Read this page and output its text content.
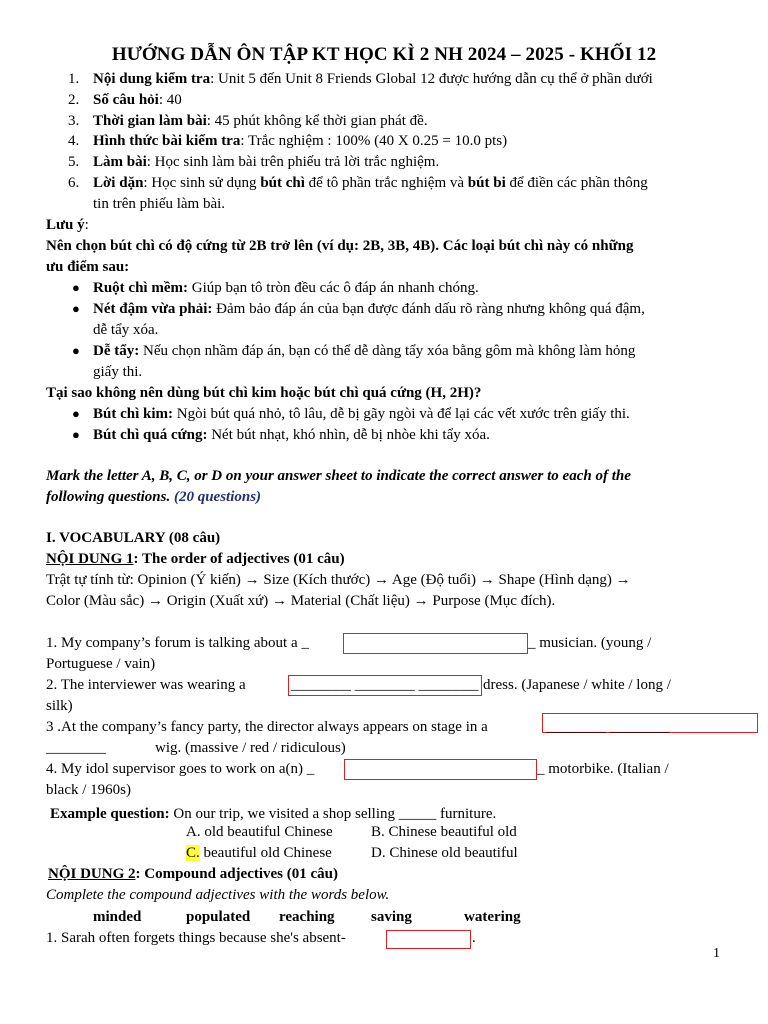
HƯỚNG DẪN ÔN TẬP KT HỌC KÌ 2 NH 2024 – 2025 - KHỐI 12
1. Nội dung kiểm tra: Unit 5 đến Unit 8 Friends Global 12 được hướng dẫn cụ thể ở phần dưới
2. Số câu hỏi: 40
3. Thời gian làm bài: 45 phút không kể thời gian phát đề.
4. Hình thức bài kiểm tra: Trắc nghiệm : 100% (40 X 0.25 = 10.0 pts)
5. Làm bài: Học sinh làm bài trên phiếu trả lời trắc nghiệm.
6. Lời dặn: Học sinh sử dụng bút chì để tô phần trắc nghiệm và bút bi để điền các phần thông
tin trên phiếu làm bài.
Lưu ý:
Nên chọn bút chì có độ cứng từ 2B trở lên (ví dụ: 2B, 3B, 4B). Các loại bút chì này có những
ưu điểm sau:
● Ruột chì mềm: Giúp bạn tô tròn đều các ô đáp án nhanh chóng.
● Nét đậm vừa phải: Đảm bảo đáp án của bạn được đánh dấu rõ ràng nhưng không quá đậm,
dễ tẩy xóa.
● Dễ tẩy: Nếu chọn nhầm đáp án, bạn có thể dễ dàng tẩy xóa bằng gôm mà không làm hỏng
giấy thi.
Tại sao không nên dùng bút chì kim hoặc bút chì quá cứng (H, 2H)?
● Bút chì kim: Ngòi bút quá nhỏ, tô lâu, dễ bị gãy ngòi và để lại các vết xước trên giấy thi.
● Bút chì quá cứng: Nét bút nhạt, khó nhìn, dễ bị nhòe khi tẩy xóa.
Mark the letter A, B, C, or D on your answer sheet to indicate the correct answer to each of the
following questions. (20 questions)
I. VOCABULARY (08 câu)
NỘI DUNG 1: The order of adjectives (01 câu)
Trật tự tính từ: Opinion (Ý kiến) → Size (Kích thước) → Age (Độ tuổi) → Shape (Hình dạng) →
Color (Màu sắc) → Origin (Xuất xứ) → Material (Chất liệu) → Purpose (Mục đích).
1. My company’s forum is talking about a _	_ musician. (young /
Portuguese / vain)
2. The interviewer was wearing a	________ ________ ________ dress. (Japanese / white / long /
silk)
3 .At the company’s fancy party, the director always appears on stage in a	________ ________
________	wig. (massive / red / ridiculous)
4. My idol supervisor goes to work on a(n) _	_ motorbike. (Italian /
black / 1960s)
Example question: On our trip, we visited a shop selling _____ furniture.
A. old beautiful Chinese	B. Chinese beautiful old
C. beautiful old Chinese	D. Chinese old beautiful
NỘI DUNG 2: Compound adjectives (01 câu)
Complete the compound adjectives with the words below.
minded	populated reaching saving	watering
1. Sarah often forgets things because she's absent-	.
1
